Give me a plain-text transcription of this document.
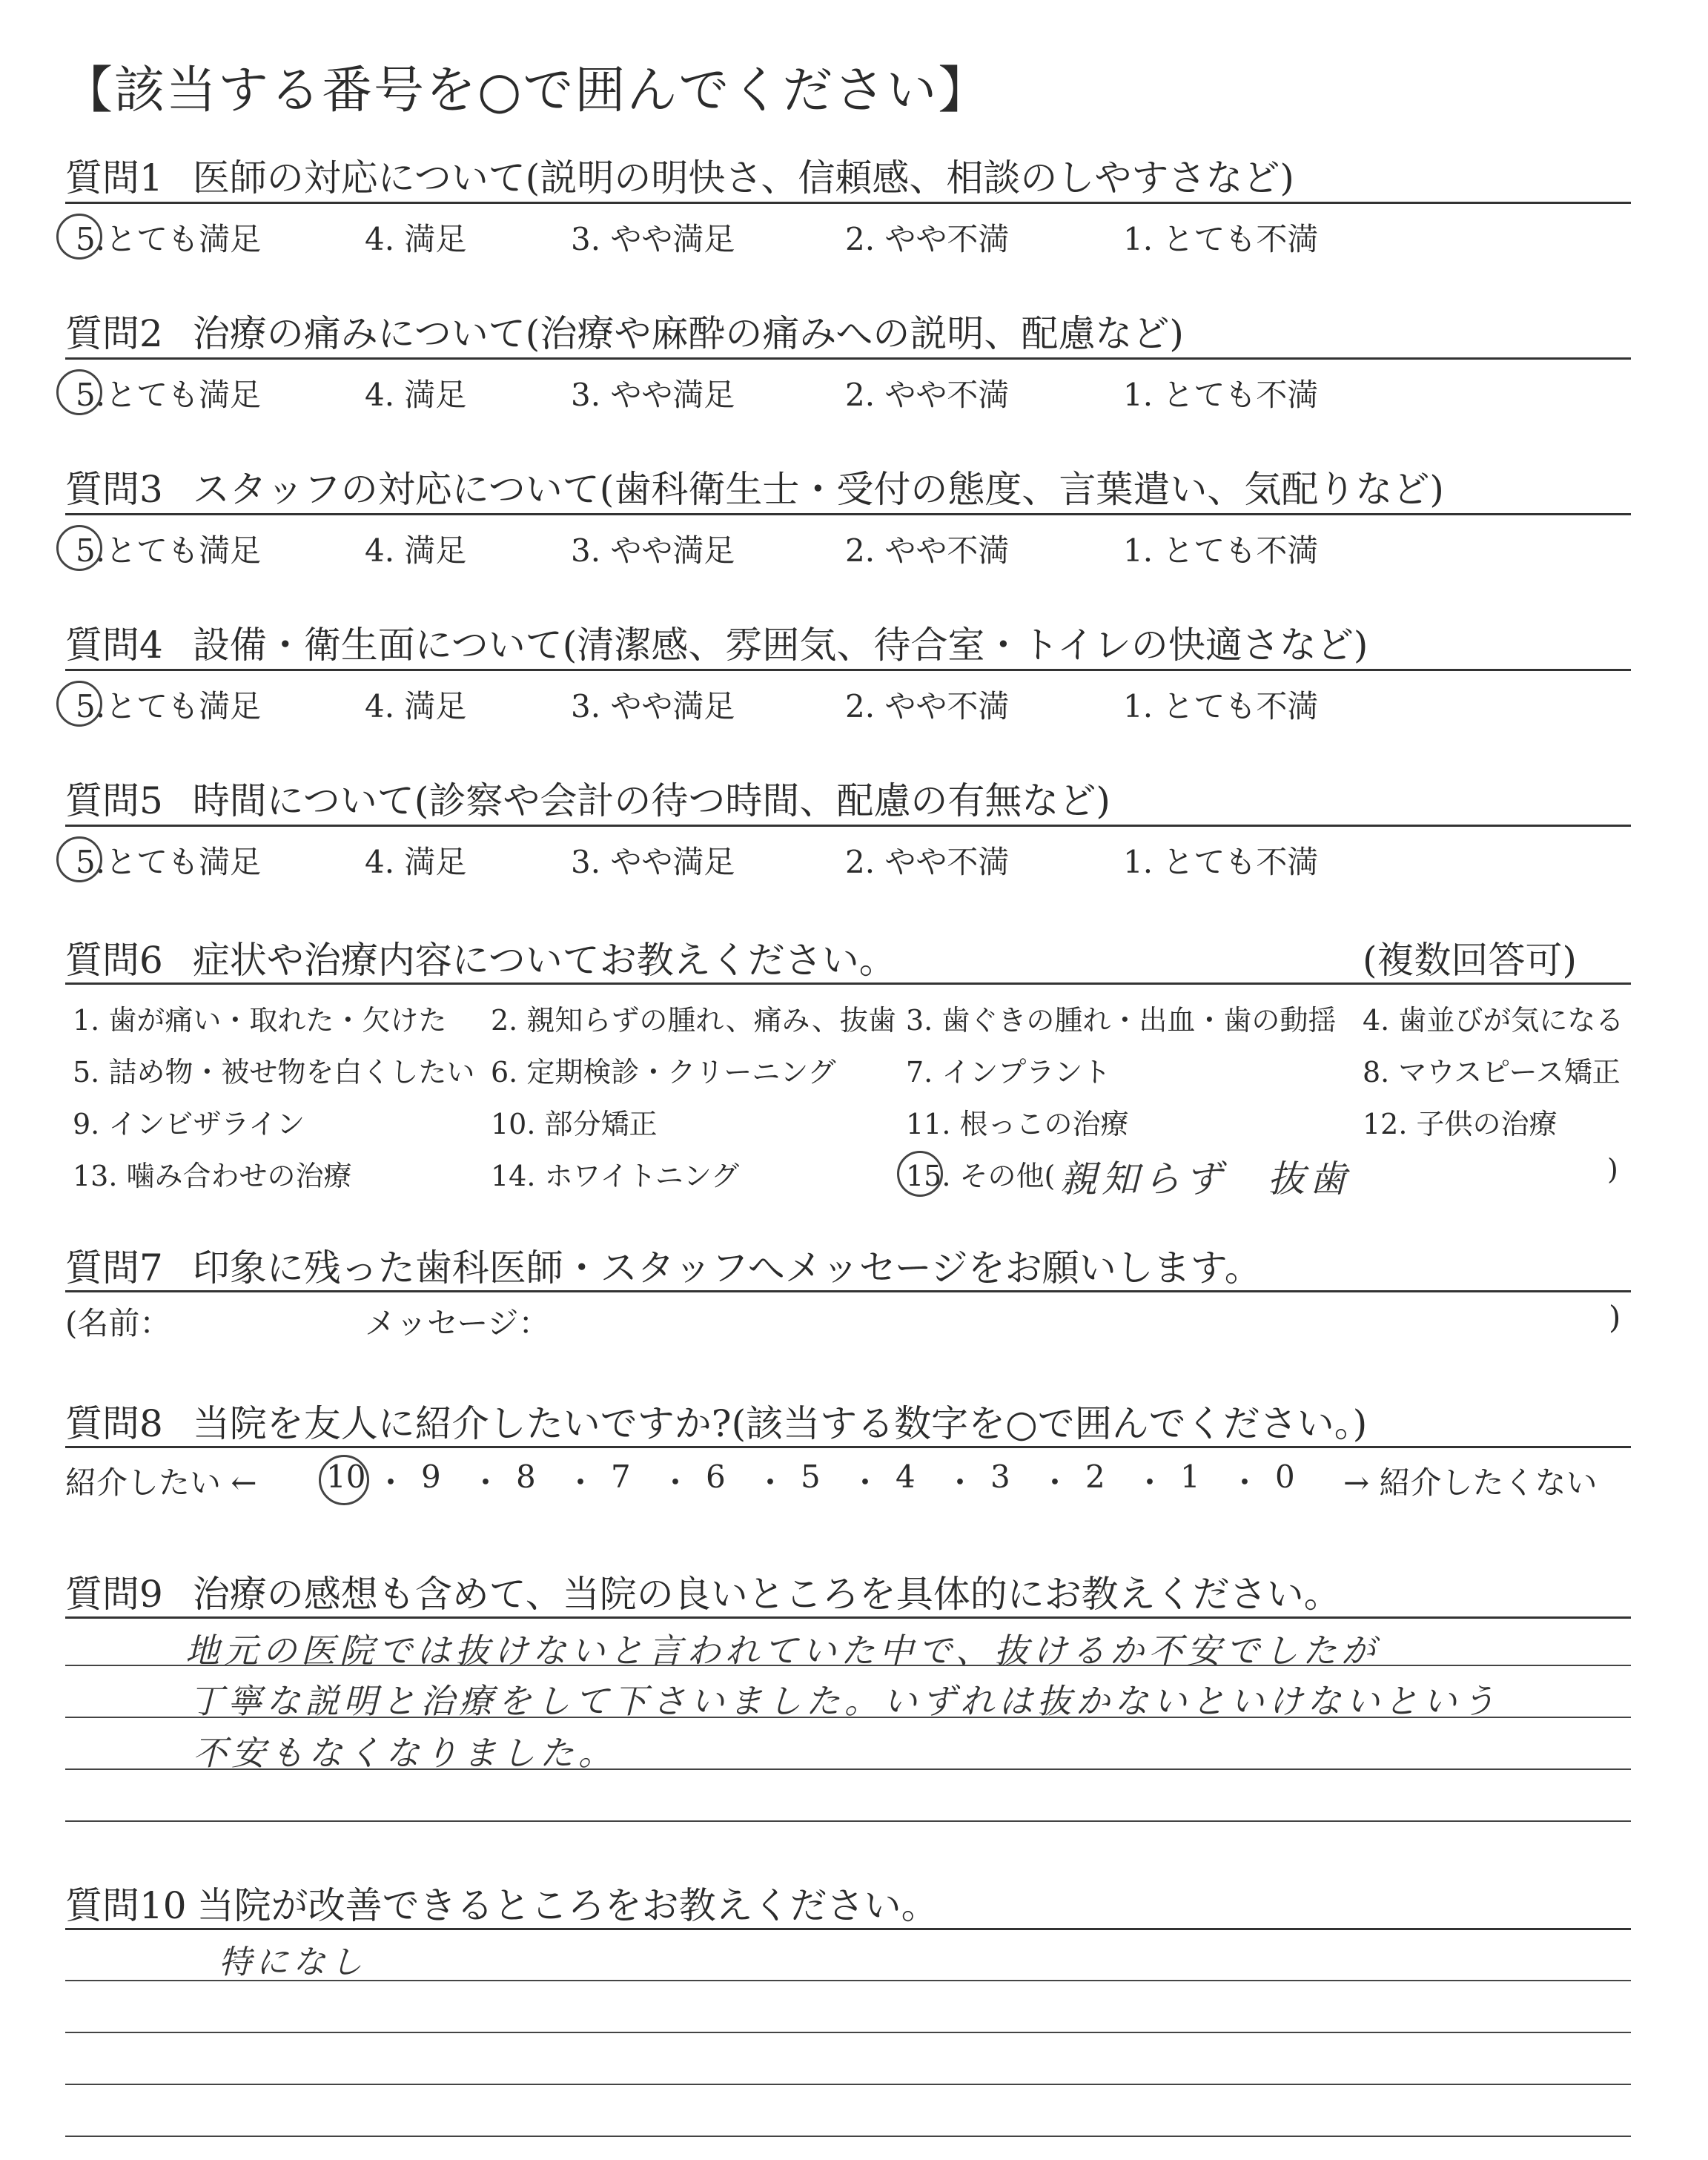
【該当する番号を○で囲んでください】
質問1 医師の対応について(説明の明快さ、信頼感、相談のしやすさなど)
5.とても満足	4. 満足	3. やや満足	2. やや不満	1. とても不満
質問2 治療の痛みについて(治療や麻酔の痛みへの説明、配慮など)
5.とても満足	4. 満足	3. やや満足	2. やや不満	1. とても不満
質問3 スタッフの対応について(歯科衛生士・受付の態度、言葉遣い、気配りなど)
5.とても満足	4. 満足	3. やや満足	2. やや不満	1. とても不満
質問4 設備・衛生面について(清潔感、雰囲気、待合室・トイレの快適さなど)
5.とても満足	4. 満足	3. やや満足	2. やや不満	1. とても不満
質問5 時間について(診察や会計の待つ時間、配慮の有無など)
5.とても満足	4. 満足	3. やや満足	2. やや不満	1. とても不満
質問6 症状や治療内容についてお教えください。	(複数回答可)
1. 歯が痛い・取れた・欠けた 2. 親知らずの腫れ、痛み、抜歯 3. 歯ぐきの腫れ・出血・歯の動揺 4. 歯並びが気になる
5. 詰め物・被せ物を白くしたい 6. 定期検診・クリーニング 7. インプラント	8. マウスピース矯正
9. インビザライン	10. 部分矯正	11. 根っこの治療	12. 子供の治療
13. 噛み合わせの治療	14. ホワイトニング	15. その他( 親知らず　抜歯	)
質問7 印象に残った歯科医師・スタッフへメッセージをお願いします。
(名前：	メッセージ：	)
質問8 当院を友人に紹介したいですか?(該当する数字を○で囲んでください。)
紹介したい ← 10 ・ 9 ・ 8 ・ 7 ・ 6 ・ 5 ・ 4 ・ 3 ・ 2 ・ 1 ・ 0 → 紹介したくない
質問9 治療の感想も含めて、当院の良いところを具体的にお教えください。
地元の医院では抜けないと言われていた中で、抜けるか不安でしたが
丁寧な説明と治療をして下さいました。いずれは抜かないといけないという
不安もなくなりました。
質問10 当院が改善できるところをお教えください。
特になし
